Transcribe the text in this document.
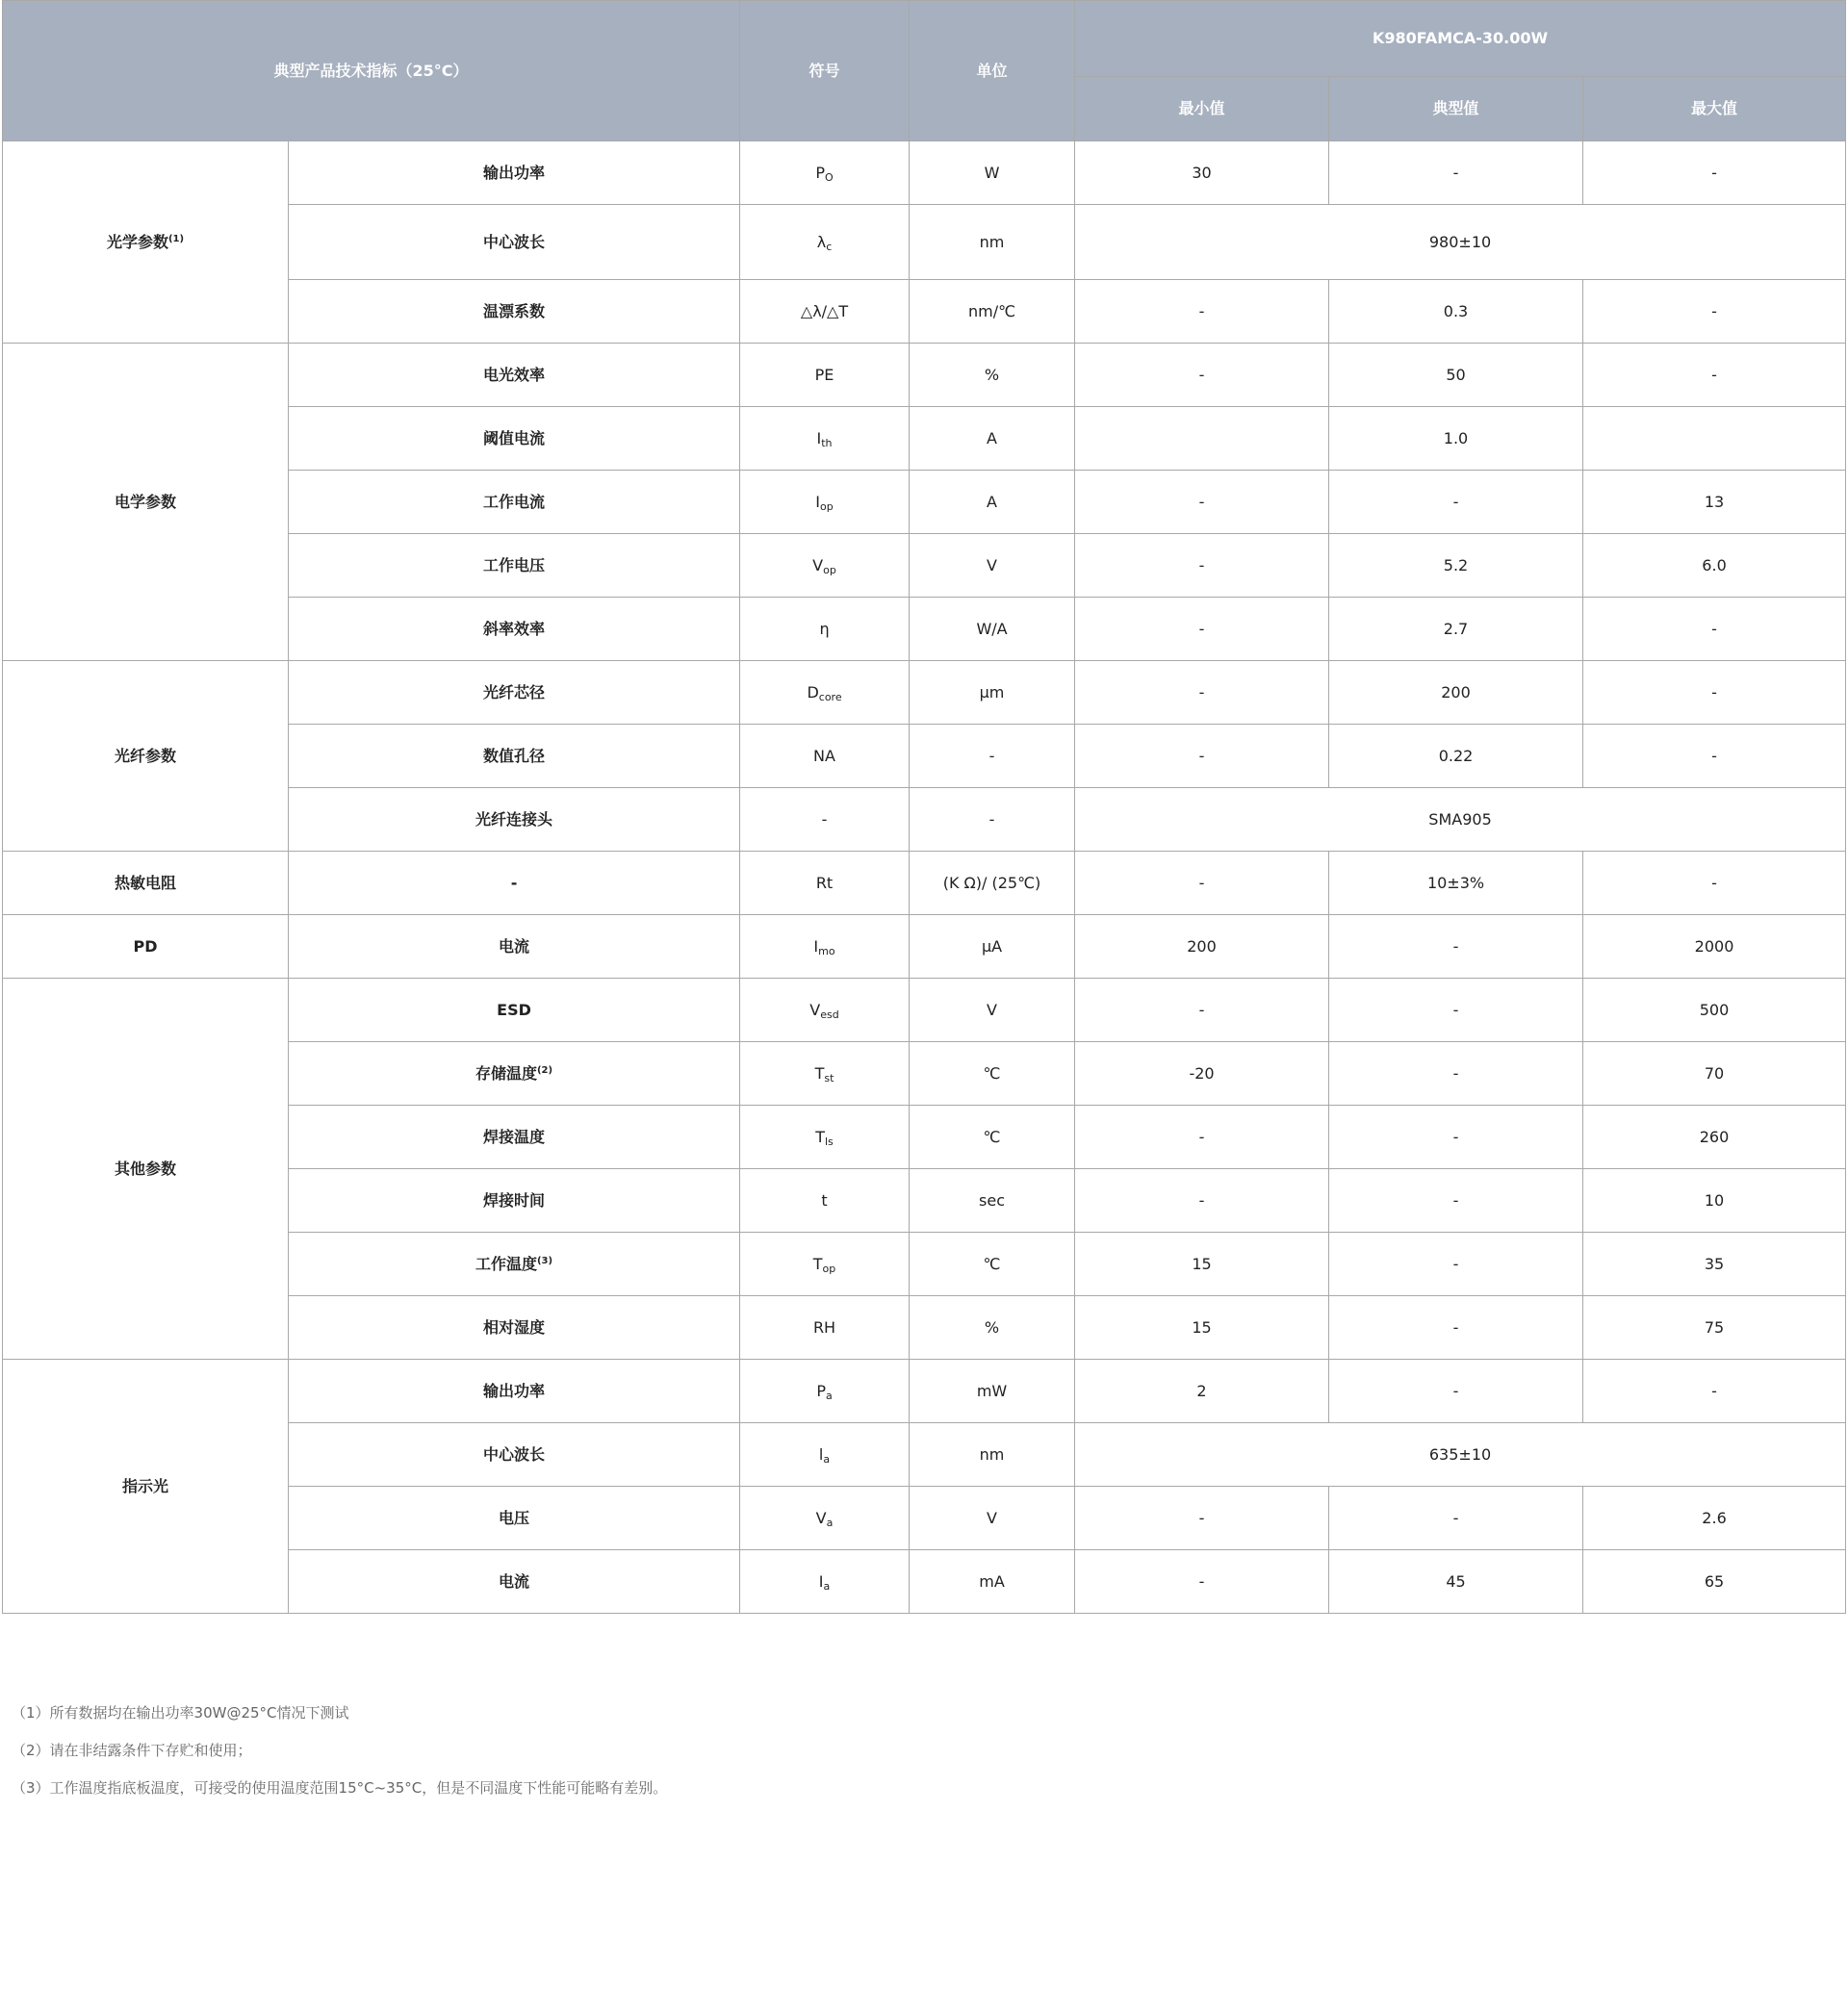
典型产品技术指标（25°C）		符号	单位	K980FAMCA-30.00W		
				最小值	典型值	最大值
光学参数$^{(1)}$	输出功率	$P_O$	W	30	-	-
	中心波长	$\lambda_c$	nm	980±10		
	温漂系数	△λ/△T	nm/℃	-	0.3	-
电学参数	电光效率	PE	%	-	50	-
	阈值电流	$I_{th}$	A		1.0	
	工作电流	$I_{op}$	A	-	-	13
	工作电压	$V_{op}$	V	-	5.2	6.0
	斜率效率	η	W/A	-	2.7	-
光纤参数	光纤芯径	$D_{core}$	μm	-	200	-
	数值孔径	NA	-	-	0.22	-
	光纤连接头	-	-	SMA905		
热敏电阻	-	Rt	(K Ω)/ (25℃)	-	10±3%	-
PD	电流	$I_{mo}$	μA	200	-	2000
其他参数	ESD	$V_{esd}$	V	-	-	500
	存储温度$^{(2)}$	$T_{st}$	℃	-20	-	70
	焊接温度	$T_{ls}$	℃	-	-	260
	焊接时间	t	sec	-	-	10
	工作温度$^{(3)}$	$T_{op}$	℃	15	-	35
	相对湿度	RH	%	15	-	75
指示光	输出功率	$P_a$	mW	2	-	-
	中心波长	$l_a$	nm	635±10		
	电压	$V_a$	V	-	-	2.6
	电流	$I_a$	mA	-	45	65
（1）所有数据均在输出功率30W@25°C情况下测试
（2）请在非结露条件下存贮和使用；
（3）工作温度指底板温度，可接受的使用温度范围15°C~35°C，但是不同温度下性能可能略有差别。
